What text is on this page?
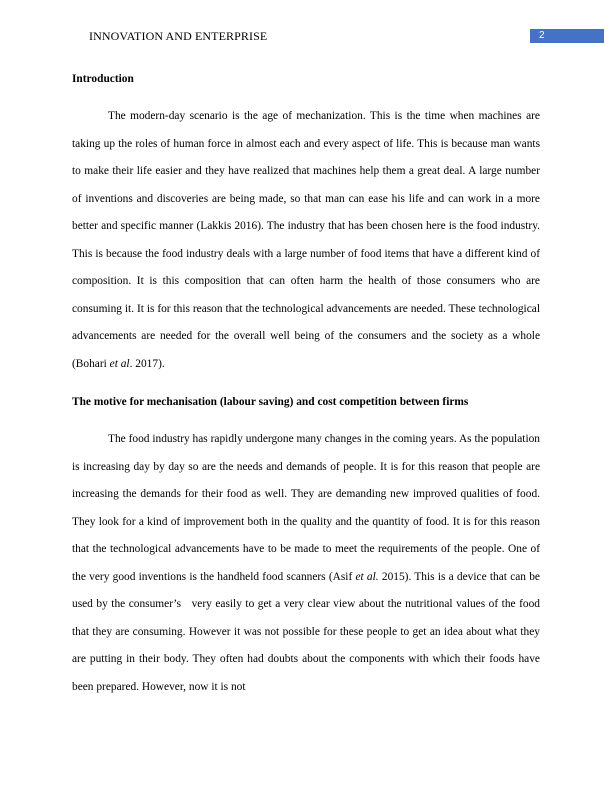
INNOVATION AND ENTERPRISE	2

Introduction

The modern-day scenario is the age of mechanization. This is the time when machines are taking up the roles of human force in almost each and every aspect of life. This is because man wants to make their life easier and they have realized that machines help them a great deal. A large number of inventions and discoveries are being made, so that man can ease his life and can work in a more better and specific manner (Lakkis 2016). The industry that has been chosen here is the food industry. This is because the food industry deals with a large number of food items that have a different kind of composition. It is this composition that can often harm the health of those consumers who are consuming it. It is for this reason that the technological advancements are needed. These technological advancements are needed for the overall well being of the consumers and the society as a whole (Bohari et al. 2017).

The motive for mechanisation (labour saving) and cost competition between firms

The food industry has rapidly undergone many changes in the coming years. As the population is increasing day by day so are the needs and demands of people. It is for this reason that people are increasing the demands for their food as well. They are demanding new improved qualities of food. They look for a kind of improvement both in the quality and the quantity of food. It is for this reason that the technological advancements have to be made to meet the requirements of the people. One of the very good inventions is the handheld food scanners (Asif et al. 2015). This is a device that can be used by the consumer’s   very easily to get a very clear view about the nutritional values of the food that they are consuming. However it was not possible for these people to get an idea about what they are putting in their body. They often had doubts about the components with which their foods have been prepared. However, now it is not
